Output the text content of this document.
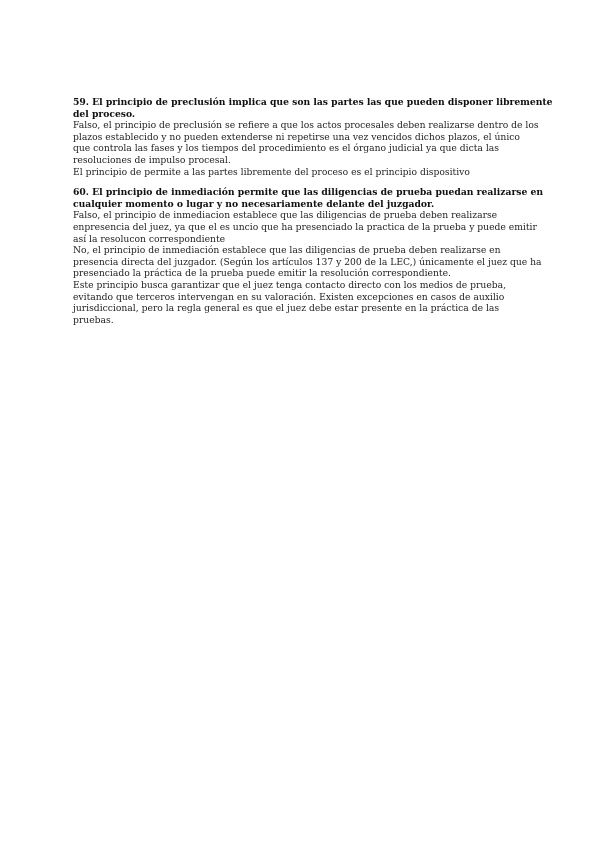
59. El principio de preclusión implica que son las partes las que pueden disponer libremente
del proceso.
Falso, el principio de preclusión se refiere a que los actos procesales deben realizarse dentro de los
plazos establecido y no pueden extenderse ni repetirse una vez vencidos dichos plazos, el único
que controla las fases y los tiempos del procedimiento es el órgano judicial ya que dicta las
resoluciones de impulso procesal.
El principio de permite a las partes libremente del proceso es el principio dispositivo
60. El principio de inmediación permite que las diligencias de prueba puedan realizarse en
cualquier momento o lugar y no necesariamente delante del juzgador.
Falso, el principio de inmediacion establece que las diligencias de prueba deben realizarse
enpresencia del juez, ya que el es uncio que ha presenciado la practica de la prueba y puede emitir
así la resolucon correspondiente
No, el principio de inmediación establece que las diligencias de prueba deben realizarse en
presencia directa del juzgador. (Según los artículos 137 y 200 de la LEC,) únicamente el juez que ha
presenciado la práctica de la prueba puede emitir la resolución correspondiente.
Este principio busca garantizar que el juez tenga contacto directo con los medios de prueba,
evitando que terceros intervengan en su valoración. Existen excepciones en casos de auxilio
jurisdiccional, pero la regla general es que el juez debe estar presente en la práctica de las
pruebas.
